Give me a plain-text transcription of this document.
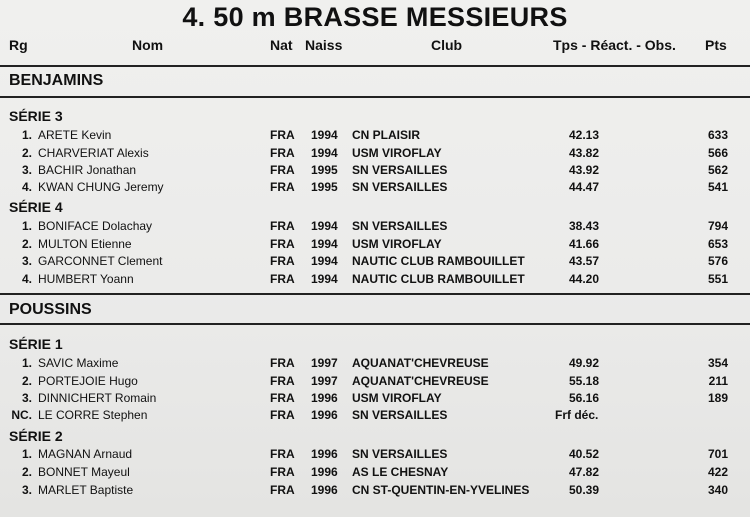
4. 50 m BRASSE MESSIEURS
Rg	Nom	Nat Naiss	Club	Tps - Réact. - Obs. Pts
BENJAMINS
SÉRIE 3
1. ARETE Kevin	FRA 1994 CN PLAISIR	42.13	633
2. CHARVERIAT Alexis	FRA 1994 USM VIROFLAY	43.82	566
3. BACHIR Jonathan	FRA 1995 SN VERSAILLES	43.92	562
4. KWAN CHUNG Jeremy	FRA 1995 SN VERSAILLES	44.47	541
SÉRIE 4
1. BONIFACE Dolachay	FRA 1994 SN VERSAILLES	38.43	794
2. MULTON Etienne	FRA 1994 USM VIROFLAY	41.66	653
3. GARCONNET Clement	FRA 1994 NAUTIC CLUB RAMBOUILLET	43.57	576
4. HUMBERT Yoann	FRA 1994 NAUTIC CLUB RAMBOUILLET	44.20	551
POUSSINS
SÉRIE 1
1. SAVIC Maxime	FRA 1997 AQUANAT'CHEVREUSE	49.92	354
2. PORTEJOIE Hugo	FRA 1997 AQUANAT'CHEVREUSE	55.18	211
3. DINNICHERT Romain	FRA 1996 USM VIROFLAY	56.16	189
NC. LE CORRE Stephen	FRA 1996 SN VERSAILLES	Frf déc.
SÉRIE 2
1. MAGNAN Arnaud	FRA 1996 SN VERSAILLES	40.52	701
2. BONNET Mayeul	FRA 1996 AS LE CHESNAY	47.82	422
3. MARLET Baptiste	FRA 1996 CN ST-QUENTIN-EN-YVELINES	50.39	340
